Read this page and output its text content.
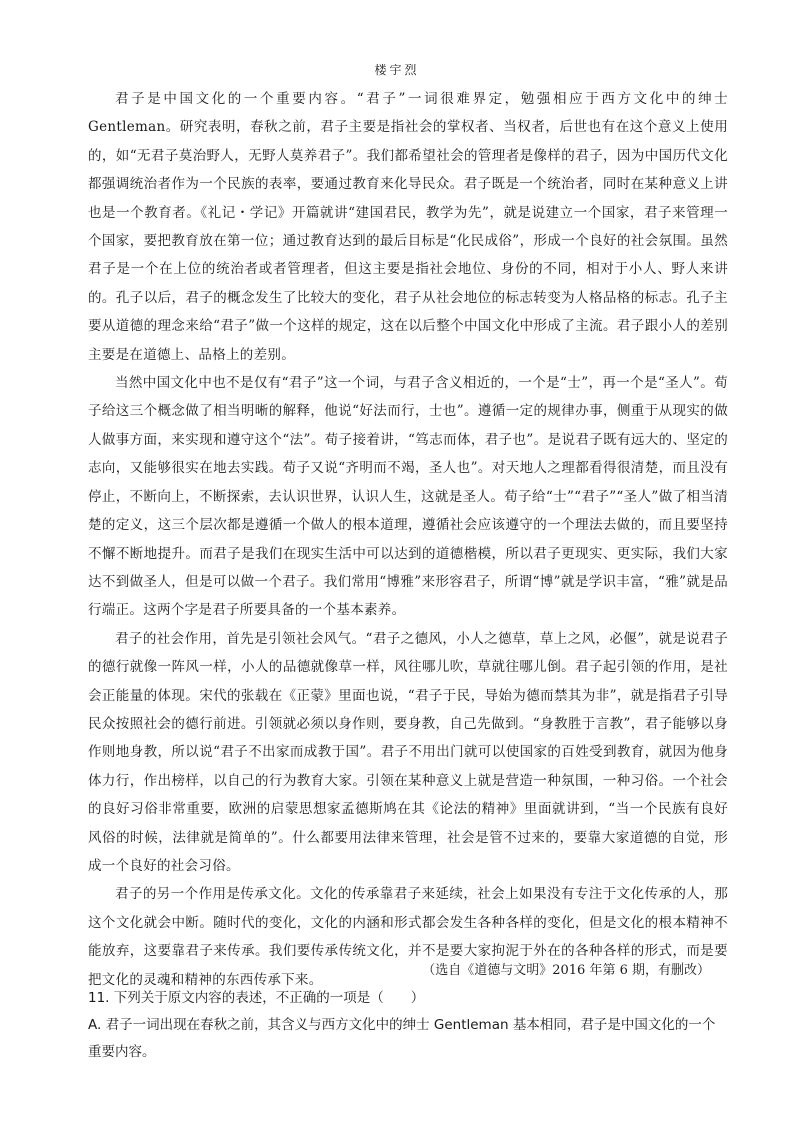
楼宇烈

君子是中国文化的一个重要内容。“君子”一词很难界定，勉强相应于西方文化中的绅士 Gentleman。研究表明，春秋之前，君子主要是指社会的掌权者、当权者，后世也有在这个意义上使用的，如“无君子莫治野人，无野人莫养君子”。我们都希望社会的管理者是像样的君子，因为中国历代文化都强调统治者作为一个民族的表率，要通过教育来化导民众。君子既是一个统治者，同时在某种意义上讲也是一个教育者。《礼记・学记》开篇就讲“建国君民，教学为先”，就是说建立一个国家，君子来管理一个国家，要把教育放在第一位；通过教育达到的最后目标是“化民成俗”，形成一个良好的社会氛围。虽然君子是一个在上位的统治者或者管理者，但这主要是指社会地位、身份的不同，相对于小人、野人来讲的。孔子以后，君子的概念发生了比较大的变化，君子从社会地位的标志转变为人格品格的标志。孔子主要从道德的理念来给“君子”做一个这样的规定，这在以后整个中国文化中形成了主流。君子跟小人的差别主要是在道德上、品格上的差别。

当然中国文化中也不是仅有“君子”这一个词，与君子含义相近的，一个是“士”，再一个是“圣人”。荀子给这三个概念做了相当明晰的解释，他说“好法而行，士也”。遵循一定的规律办事，侧重于从现实的做人做事方面，来实现和遵守这个“法”。荀子接着讲，“笃志而体，君子也”。是说君子既有远大的、坚定的志向，又能够很实在地去实践。荀子又说“齐明而不竭，圣人也”。对天地人之理都看得很清楚，而且没有停止，不断向上，不断探索，去认识世界，认识人生，这就是圣人。荀子给“士”“君子”“圣人”做了相当清楚的定义，这三个层次都是遵循一个做人的根本道理，遵循社会应该遵守的一个理法去做的，而且要坚持不懈不断地提升。而君子是我们在现实生活中可以达到的道德楷模，所以君子更现实、更实际，我们大家达不到做圣人，但是可以做一个君子。我们常用“博雅”来形容君子，所谓“博”就是学识丰富，“雅”就是品行端正。这两个字是君子所要具备的一个基本素养。

君子的社会作用，首先是引领社会风气。“君子之德风，小人之德草，草上之风，必偃”，就是说君子的德行就像一阵风一样，小人的品德就像草一样，风往哪儿吹，草就往哪儿倒。君子起引领的作用，是社会正能量的体现。宋代的张载在《正蒙》里面也说，“君子于民，导始为德而禁其为非”，就是指君子引导民众按照社会的德行前进。引领就必须以身作则，要身教，自己先做到。“身教胜于言教”，君子能够以身作则地身教，所以说“君子不出家而成教于国”。君子不用出门就可以使国家的百姓受到教育，就因为他身体力行，作出榜样，以自己的行为教育大家。引领在某种意义上就是营造一种氛围，一种习俗。一个社会的良好习俗非常重要，欧洲的启蒙思想家孟德斯鸠在其《论法的精神》里面就讲到，“当一个民族有良好风俗的时候，法律就是简单的”。什么都要用法律来管理，社会是管不过来的，要靠大家道德的自觉，形成一个良好的社会习俗。

君子的另一个作用是传承文化。文化的传承靠君子来延续，社会上如果没有专注于文化传承的人，那这个文化就会中断。随时代的变化，文化的内涵和形式都会发生各种各样的变化，但是文化的根本精神不能放弃，这要靠君子来传承。我们要传承传统文化，并不是要大家拘泥于外在的各种各样的形式，而是要把文化的灵魂和精神的东西传承下来。

（选自《道德与文明》2016 年第 6 期，有删改）

11. 下列关于原文内容的表述，不正确的一项是（　　）

A. 君子一词出现在春秋之前，其含义与西方文化中的绅士 Gentleman 基本相同，君子是中国文化的一个重要内容。
